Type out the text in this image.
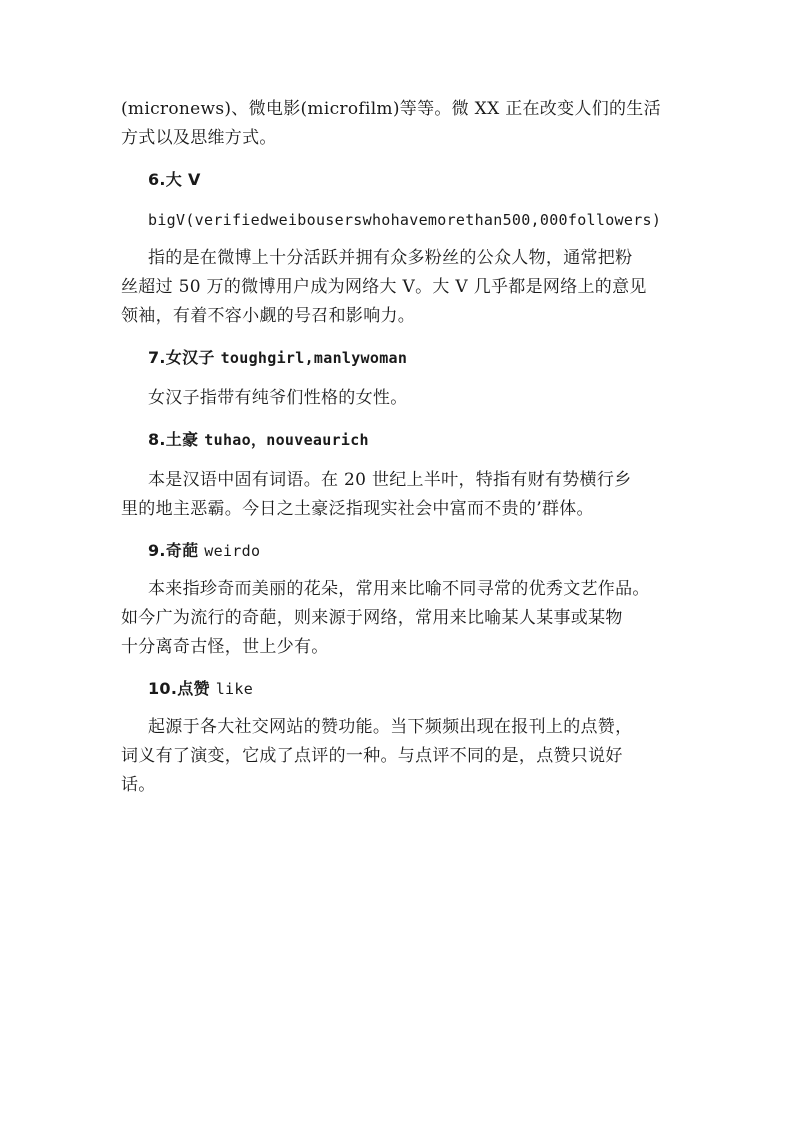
(micronews)、微电影(microfilm)等等。微 XX 正在改变人们的生活
方式以及思维方式。
6.大 V
bigV(verifiedweibouserswhohavemorethan500,000followers)
指的是在微博上十分活跃并拥有众多粉丝的公众人物，通常把粉
丝超过 50 万的微博用户成为网络大 V。大 V 几乎都是网络上的意见
领袖，有着不容小觑的号召和影响力。
7.女汉子 toughgirl,manlywoman
女汉子指带有纯爷们性格的女性。
8.土豪 tuhao，nouveaurich
本是汉语中固有词语。在 20 世纪上半叶，特指有财有势横行乡
里的地主恶霸。今日之土豪泛指现实社会中富而不贵的’群体。
9.奇葩 weirdo
本来指珍奇而美丽的花朵，常用来比喻不同寻常的优秀文艺作品。
如今广为流行的奇葩，则来源于网络，常用来比喻某人某事或某物
十分离奇古怪，世上少有。
10.点赞 like
起源于各大社交网站的赞功能。当下频频出现在报刊上的点赞，
词义有了演变，它成了点评的一种。与点评不同的是，点赞只说好
话。
